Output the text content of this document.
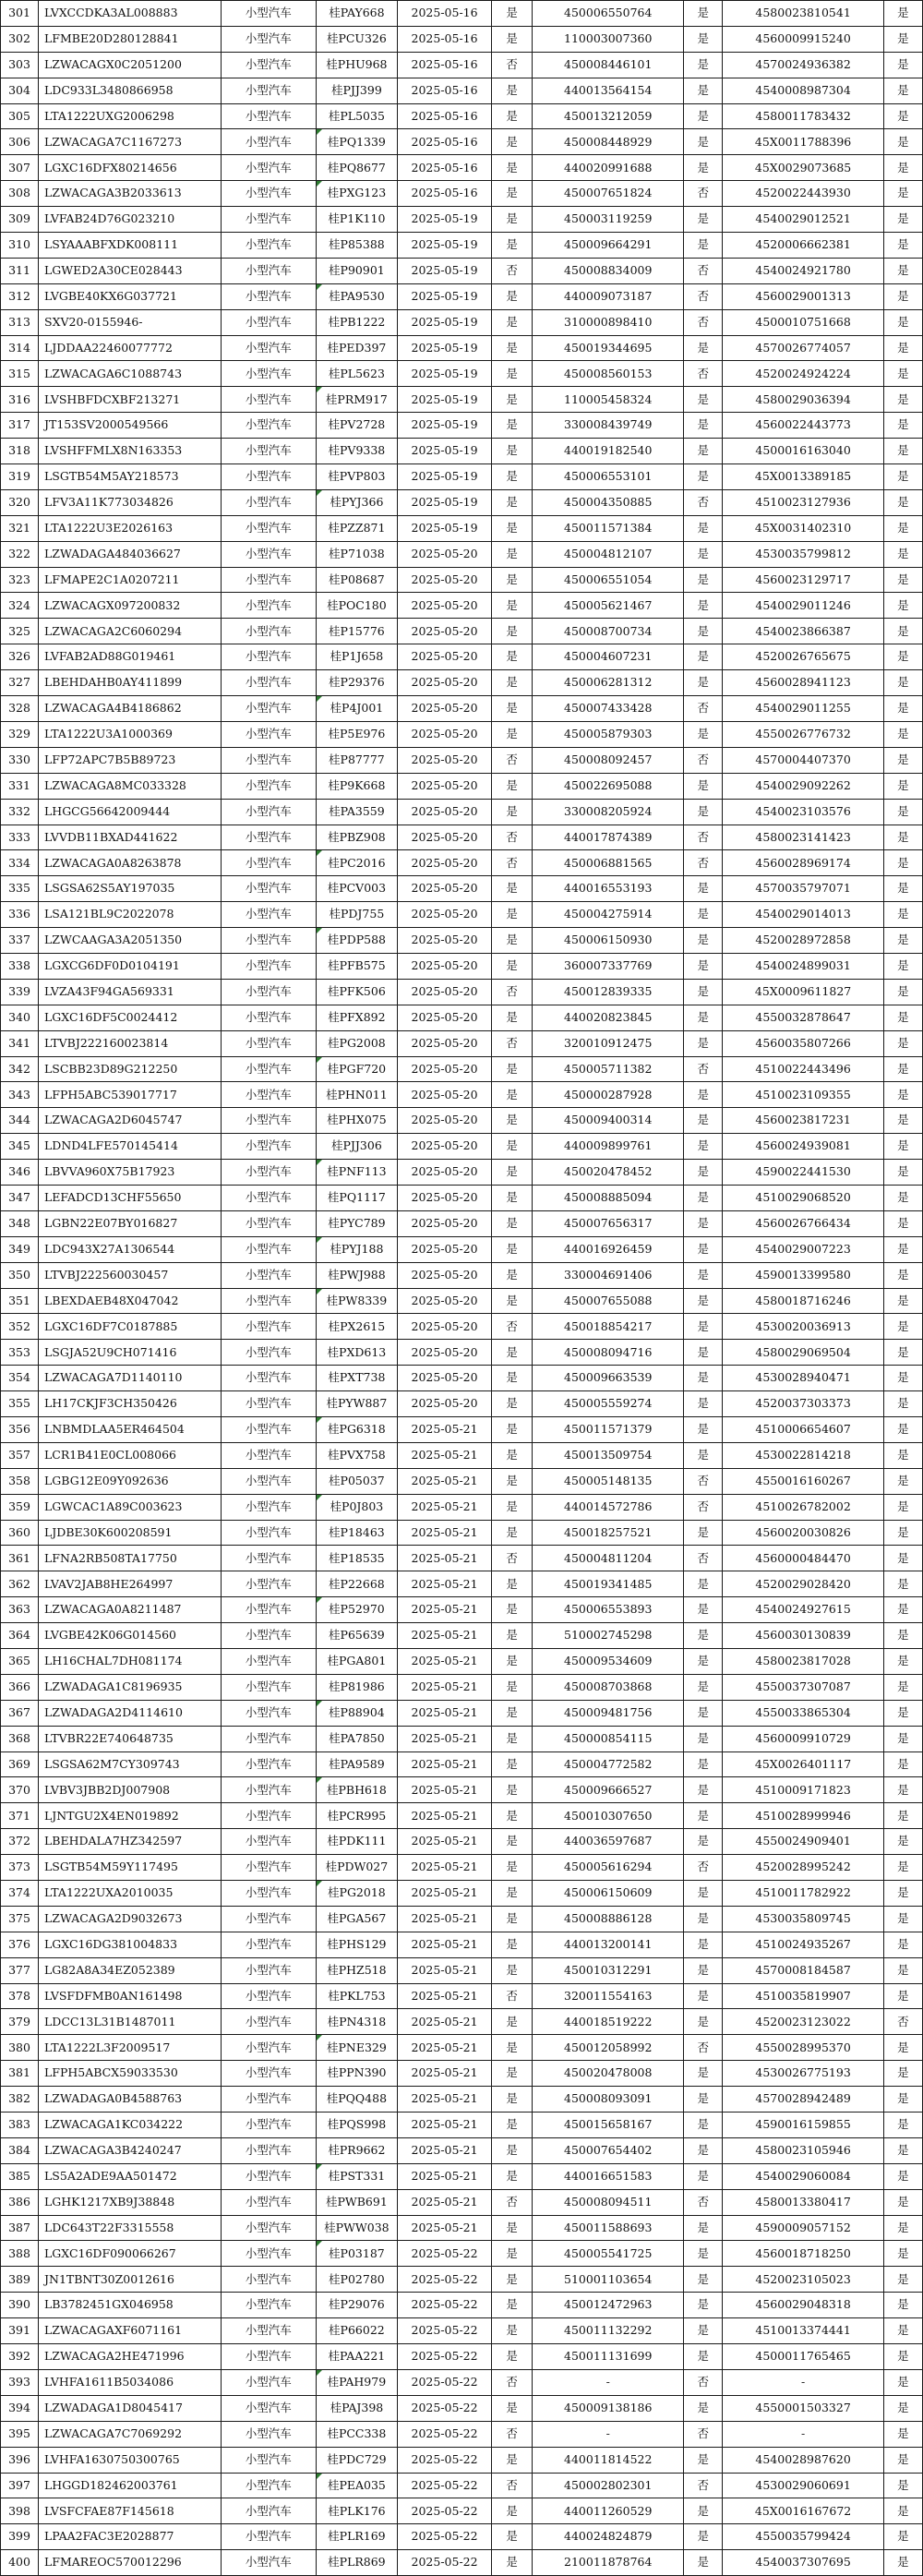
301	LVXCCDKA3AL008883	小型汽车	桂PAY668	2025-05-16	是	450006550764	是	4580023810541	是
302	LFMBE20D280128841	小型汽车	桂PCU326	2025-05-16	是	110003007360	是	4560009915240	是
303	LZWACAGX0C2051200	小型汽车	桂PHU968	2025-05-16	否	450008446101	是	4570024936382	是
304	LDC933L3480866958	小型汽车	桂PJJ399	2025-05-16	是	440013564154	是	4540008987304	是
305	LTA1222UXG2006298	小型汽车	桂PL5035	2025-05-16	是	450013212059	是	4580011783432	是
306	LZWACAGA7C1167273	小型汽车	桂PQ1339	2025-05-16	是	450008448929	是	45X0011788396	是
307	LGXC16DFX80214656	小型汽车	桂PQ8677	2025-05-16	是	440020991688	是	45X0029073685	是
308	LZWACAGA3B2033613	小型汽车	桂PXG123	2025-05-16	是	450007651824	否	4520022443930	是
309	LVFAB24D76G023210	小型汽车	桂P1K110	2025-05-19	是	450003119259	是	4540029012521	是
310	LSYAAABFXDK008111	小型汽车	桂P85388	2025-05-19	是	450009664291	是	4520006662381	是
311	LGWED2A30CE028443	小型汽车	桂P90901	2025-05-19	否	450008834009	否	4540024921780	是
312	LVGBE40KX6G037721	小型汽车	桂PA9530	2025-05-19	是	440009073187	否	4560029001313	是
313	SXV20-0155946-	小型汽车	桂PB1222	2025-05-19	是	310000898410	否	4500010751668	是
314	LJDDAA22460077772	小型汽车	桂PED397	2025-05-19	是	450019344695	是	4570026774057	是
315	LZWACAGA6C1088743	小型汽车	桂PL5623	2025-05-19	是	450008560153	否	4520024924224	是
316	LVSHBFDCXBF213271	小型汽车	桂PRM917	2025-05-19	是	110005458324	是	4580029036394	是
317	JT153SV2000549566	小型汽车	桂PV2728	2025-05-19	是	330008439749	是	4560022443773	是
318	LVSHFFMLX8N163353	小型汽车	桂PV9338	2025-05-19	是	440019182540	是	4500016163040	是
319	LSGTB54M5AY218573	小型汽车	桂PVP803	2025-05-19	是	450006553101	是	45X0013389185	是
320	LFV3A11K773034826	小型汽车	桂PYJ366	2025-05-19	是	450004350885	否	4510023127936	是
321	LTA1222U3E2026163	小型汽车	桂PZZ871	2025-05-19	是	450011571384	是	45X0031402310	是
322	LZWADAGA484036627	小型汽车	桂P71038	2025-05-20	是	450004812107	是	4530035799812	是
323	LFMAPE2C1A0207211	小型汽车	桂P08687	2025-05-20	是	450006551054	是	4560023129717	是
324	LZWACAGX097200832	小型汽车	桂POC180	2025-05-20	是	450005621467	是	4540029011246	是
325	LZWACAGA2C6060294	小型汽车	桂P15776	2025-05-20	是	450008700734	是	4540023866387	是
326	LVFAB2AD88G019461	小型汽车	桂P1J658	2025-05-20	是	450004607231	是	4520026765675	是
327	LBEHDAHB0AY411899	小型汽车	桂P29376	2025-05-20	是	450006281312	是	4560028941123	是
328	LZWACAGA4B4186862	小型汽车	桂P4J001	2025-05-20	是	450007433428	否	4540029011255	是
329	LTA1222U3A1000369	小型汽车	桂P5E976	2025-05-20	是	450005879303	是	4550026776732	是
330	LFP72APC7B5B89723	小型汽车	桂P87777	2025-05-20	否	450008092457	否	4570004407370	是
331	LZWACAGA8MC033328	小型汽车	桂P9K668	2025-05-20	是	450022695088	是	4540029092262	是
332	LHGCG56642009444	小型汽车	桂PA3559	2025-05-20	是	330008205924	是	4540023103576	是
333	LVVDB11BXAD441622	小型汽车	桂PBZ908	2025-05-20	否	440017874389	否	4580023141423	是
334	LZWACAGA0A8263878	小型汽车	桂PC2016	2025-05-20	否	450006881565	否	4560028969174	是
335	LSGSA62S5AY197035	小型汽车	桂PCV003	2025-05-20	是	440016553193	是	4570035797071	是
336	LSA121BL9C2022078	小型汽车	桂PDJ755	2025-05-20	是	450004275914	是	4540029014013	是
337	LZWCAAGA3A2051350	小型汽车	桂PDP588	2025-05-20	是	450006150930	是	4520028972858	是
338	LGXCG6DF0D0104191	小型汽车	桂PFB575	2025-05-20	是	360007337769	是	4540024899031	是
339	LVZA43F94GA569331	小型汽车	桂PFK506	2025-05-20	否	450012839335	是	45X0009611827	是
340	LGXC16DF5C0024412	小型汽车	桂PFX892	2025-05-20	是	440020823845	是	4550032878647	是
341	LTVBJ222160023814	小型汽车	桂PG2008	2025-05-20	否	320010912475	是	4560035807266	是
342	LSCBB23D89G212250	小型汽车	桂PGF720	2025-05-20	是	450005711382	否	4510022443496	是
343	LFPH5ABC539017717	小型汽车	桂PHN011	2025-05-20	是	450000287928	是	4510023109355	是
344	LZWACAGA2D6045747	小型汽车	桂PHX075	2025-05-20	是	450009400314	是	4560023817231	是
345	LDND4LFE570145414	小型汽车	桂PJJ306	2025-05-20	是	440009899761	是	4560024939081	是
346	LBVVA960X75B17923	小型汽车	桂PNF113	2025-05-20	是	450020478452	是	4590022441530	是
347	LEFADCD13CHF55650	小型汽车	桂PQ1117	2025-05-20	是	450008885094	是	4510029068520	是
348	LGBN22E07BY016827	小型汽车	桂PYC789	2025-05-20	是	450007656317	是	4560026766434	是
349	LDC943X27A1306544	小型汽车	桂PYJ188	2025-05-20	是	440016926459	是	4540029007223	是
350	LTVBJ222560030457	小型汽车	桂PWJ988	2025-05-20	是	330004691406	是	4590013399580	是
351	LBEXDAEB48X047042	小型汽车	桂PW8339	2025-05-20	是	450007655088	是	4580018716246	是
352	LGXC16DF7C0187885	小型汽车	桂PX2615	2025-05-20	否	450018854217	是	4530020036913	是
353	LSGJA52U9CH071416	小型汽车	桂PXD613	2025-05-20	是	450008094716	是	4580029069504	是
354	LZWACAGA7D1140110	小型汽车	桂PXT738	2025-05-20	是	450009663539	是	4530028940471	是
355	LH17CKJF3CH350426	小型汽车	桂PYW887	2025-05-20	是	450005559274	是	4520037303373	是
356	LNBMDLAA5ER464504	小型汽车	桂PG6318	2025-05-21	是	450011571379	是	4510006654607	是
357	LCR1B41E0CL008066	小型汽车	桂PVX758	2025-05-21	是	450013509754	是	4530022814218	是
358	LGBG12E09Y092636	小型汽车	桂P05037	2025-05-21	是	450005148135	否	4550016160267	是
359	LGWCAC1A89C003623	小型汽车	桂P0J803	2025-05-21	是	440014572786	否	4510026782002	是
360	LJDBE30K600208591	小型汽车	桂P18463	2025-05-21	是	450018257521	是	4560020030826	是
361	LFNA2RB508TA17750	小型汽车	桂P18535	2025-05-21	否	450004811204	否	4560000484470	是
362	LVAV2JAB8HE264997	小型汽车	桂P22668	2025-05-21	是	450019341485	是	4520029028420	是
363	LZWACAGA0A8211487	小型汽车	桂P52970	2025-05-21	是	450006553893	是	4540024927615	是
364	LVGBE42K06G014560	小型汽车	桂P65639	2025-05-21	是	510002745298	是	4560030130839	是
365	LH16CHAL7DH081174	小型汽车	桂PGA801	2025-05-21	是	450009534609	是	4580023817028	是
366	LZWADAGA1C8196935	小型汽车	桂P81986	2025-05-21	是	450008703868	是	4550037307087	是
367	LZWADAGA2D4114610	小型汽车	桂P88904	2025-05-21	是	450009481756	是	4550033865304	是
368	LTVBR22E740648735	小型汽车	桂PA7850	2025-05-21	是	450000854115	是	4560009910729	是
369	LSGSA62M7CY309743	小型汽车	桂PA9589	2025-05-21	是	450004772582	是	45X0026401117	是
370	LVBV3JBB2DJ007908	小型汽车	桂PBH618	2025-05-21	是	450009666527	是	4510009171823	是
371	LJNTGU2X4EN019892	小型汽车	桂PCR995	2025-05-21	是	450010307650	是	4510028999946	是
372	LBEHDALA7HZ342597	小型汽车	桂PDK111	2025-05-21	是	440036597687	是	4550024909401	是
373	LSGTB54M59Y117495	小型汽车	桂PDW027	2025-05-21	是	450005616294	否	4520028995242	是
374	LTA1222UXA2010035	小型汽车	桂PG2018	2025-05-21	是	450006150609	是	4510011782922	是
375	LZWACAGA2D9032673	小型汽车	桂PGA567	2025-05-21	是	450008886128	是	4530035809745	是
376	LGXC16DG381004833	小型汽车	桂PHS129	2025-05-21	是	440013200141	是	4510024935267	是
377	LG82A8A34EZ052389	小型汽车	桂PHZ518	2025-05-21	是	450010312291	是	4570008184587	是
378	LVSFDFMB0AN161498	小型汽车	桂PKL753	2025-05-21	否	320011554163	是	4510035819907	是
379	LDCC13L31B1487011	小型汽车	桂PN4318	2025-05-21	是	440018519222	是	4520023123022	否
380	LTA1222L3F2009517	小型汽车	桂PNE329	2025-05-21	是	450012058992	否	4550028995370	是
381	LFPH5ABCX59033530	小型汽车	桂PPN390	2025-05-21	是	450020478008	是	4530026775193	是
382	LZWADAGA0B4588763	小型汽车	桂PQQ488	2025-05-21	是	450008093091	是	4570028942489	是
383	LZWACAGA1KC034222	小型汽车	桂PQS998	2025-05-21	是	450015658167	是	4590016159855	是
384	LZWACAGA3B4240247	小型汽车	桂PR9662	2025-05-21	是	450007654402	是	4580023105946	是
385	LS5A2ADE9AA501472	小型汽车	桂PST331	2025-05-21	是	440016651583	是	4540029060084	是
386	LGHK1217XB9J38848	小型汽车	桂PWB691	2025-05-21	否	450008094511	否	4580013380417	是
387	LDC643T22F3315558	小型汽车	桂PWW038	2025-05-21	是	450011588693	是	4590009057152	是
388	LGXC16DF090066267	小型汽车	桂P03187	2025-05-22	是	450005541725	是	4560018718250	是
389	JN1TBNT30Z0012616	小型汽车	桂P02780	2025-05-22	是	510001103654	是	4520023105023	是
390	LB3782451GX046958	小型汽车	桂P29076	2025-05-22	是	450012472963	是	4560029048318	是
391	LZWACAGAXF6071161	小型汽车	桂P66022	2025-05-22	是	450011132292	是	4510013374441	是
392	LZWACAGA2HE471996	小型汽车	桂PAA221	2025-05-22	是	450011131699	是	4500011765465	是
393	LVHFA1611B5034086	小型汽车	桂PAH979	2025-05-22	否	-	否	-	是
394	LZWADAGA1D8045417	小型汽车	桂PAJ398	2025-05-22	是	450009138186	是	4550001503327	是
395	LZWACAGA7C7069292	小型汽车	桂PCC338	2025-05-22	否	-	否	-	是
396	LVHFA1630750300765	小型汽车	桂PDC729	2025-05-22	是	440011814522	是	4540028987620	是
397	LHGGD182462003761	小型汽车	桂PEA035	2025-05-22	否	450002802301	否	4530029060691	是
398	LVSFCFAE87F145618	小型汽车	桂PLK176	2025-05-22	是	440011260529	是	45X0016167672	是
399	LPAA2FAC3E2028877	小型汽车	桂PLR169	2025-05-22	是	440024824879	是	4550035799424	是
400	LFMAREOC570012296	小型汽车	桂PLR869	2025-05-22	是	210011878764	是	4540037307695	是
